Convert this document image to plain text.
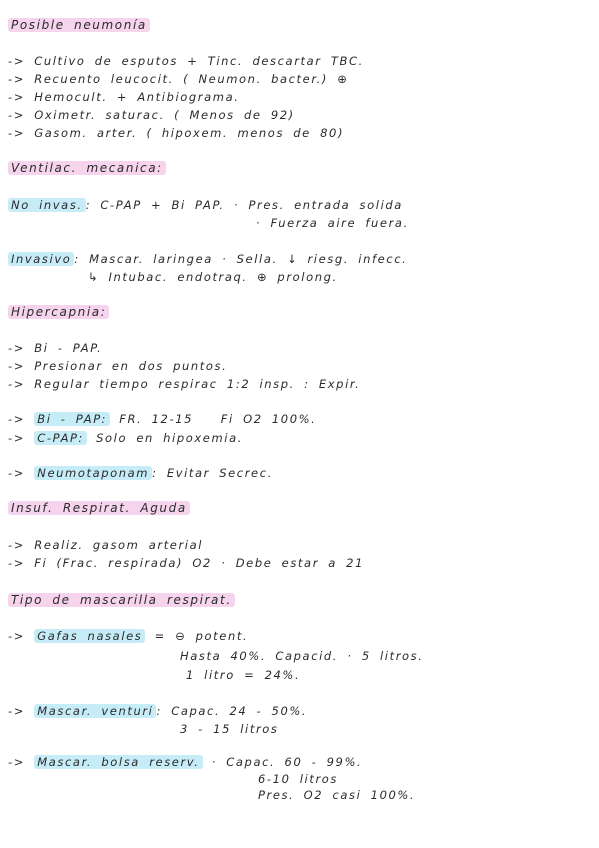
Posible neumonía
-> Cultivo de esputos + Tinc. descartar TBC.
-> Recuento leucocit. ( Neumon. bacter.) ⊕
-> Hemocult. + Antibiograma.
-> Oximetr. saturac. ( Menos de 92)
-> Gasom. arter. ( hipoxem. menos de 80)
Ventilac. mecanica:
No invas. : C-PAP + Bi PAP. · Pres. entrada solida
· Fuerza aire fuera.
Invasivo : Mascar. laringea · Sella. ↓ riesg. infecc.
↳ Intubac. endotraq. ⊕ prolong.
Hipercapnia:
-> Bi - PAP.
-> Presionar en dos puntos.
-> Regular tiempo respirac 1:2 insp. : Expir.
-> Bi - PAP: FR. 12-15   Fi O2 100%.
-> C-PAP: Solo en hipoxemia.
-> Neumotaponam : Evitar Secrec.
Insuf. Respirat. Aguda
-> Realiz. gasom arterial
-> Fi (Frac. respirada) O2 · Debe estar a 21
Tipo de mascarilla respirat.
-> Gafas nasales = ⊖ potent.
Hasta 40%. Capacid. · 5 litros.
1 litro = 24%.
-> Mascar. venturi : Capac. 24 - 50%.
3 - 15 litros
-> Mascar. bolsa reserv. · Capac. 60 - 99%.
6-10 litros
Pres. O2 casi 100%.
